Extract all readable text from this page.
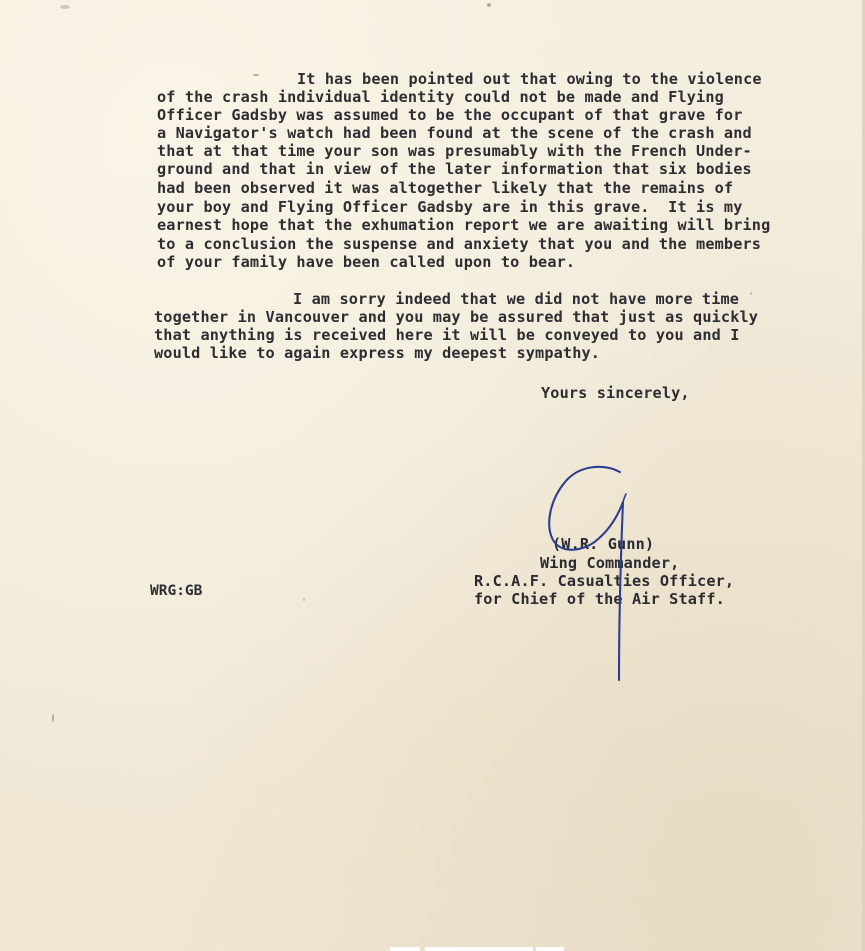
It has been pointed out that owing to the violence
of the crash individual identity could not be made and Flying
Officer Gadsby was assumed to be the occupant of that grave for
a Navigator's watch had been found at the scene of the crash and
that at that time your son was presumably with the French Under-
ground and that in view of the later information that six bodies
had been observed it was altogether likely that the remains of
your boy and Flying Officer Gadsby are in this grave.  It is my
earnest hope that the exhumation report we are awaiting will bring
to a conclusion the suspense and anxiety that you and the members
of your family have been called upon to bear.
I am sorry indeed that we did not have more time
together in Vancouver and you may be assured that just as quickly
that anything is received here it will be conveyed to you and I
would like to again express my deepest sympathy.
Yours sincerely,
(W.R. Gunn)
Wing Commander,
R.C.A.F. Casualties Officer,
for Chief of the Air Staff.
WRG:GB
